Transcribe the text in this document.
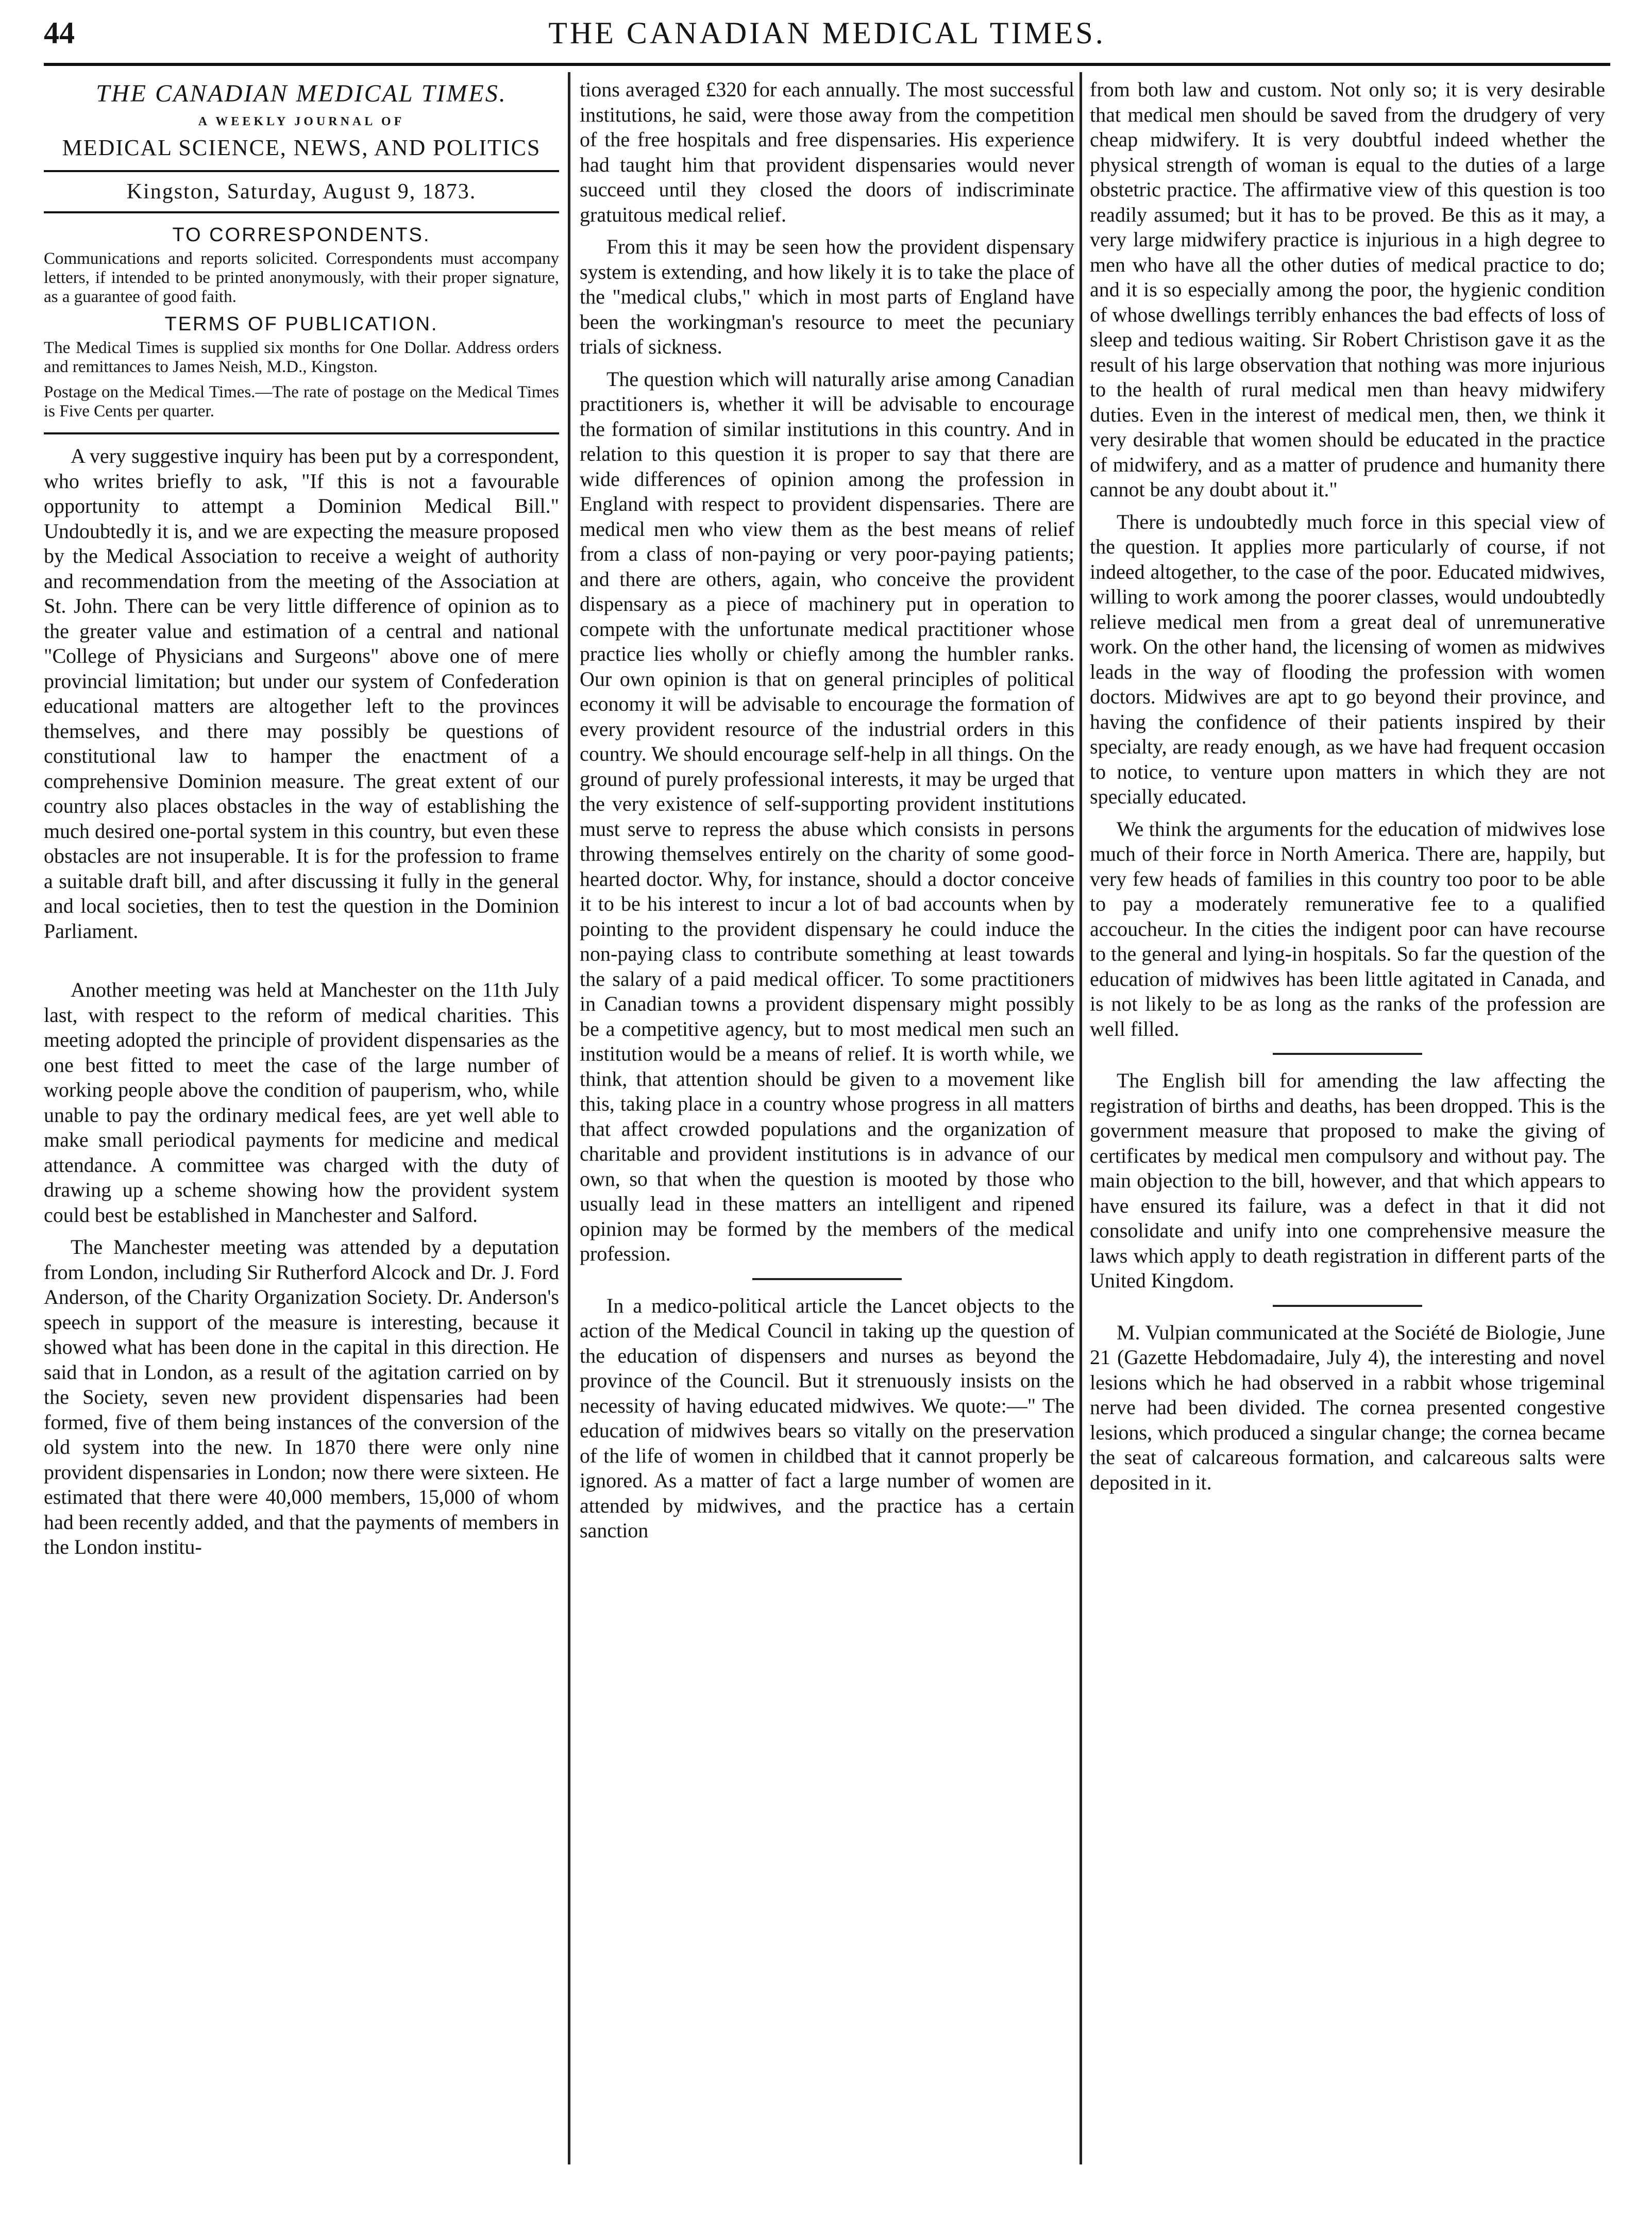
44	THE CANADIAN MEDICAL TIMES.
THE CANADIAN MEDICAL TIMES.
A WEEKLY JOURNAL OF
MEDICAL SCIENCE, NEWS, AND POLITICS
Kingston, Saturday, August 9, 1873.
TO CORRESPONDENTS.
Communications and reports solicited. Correspondents must accompany letters, if intended to be printed anonymously, with their proper signature, as a guarantee of good faith.
TERMS OF PUBLICATION.
The Medical Times is supplied six months for One Dollar. Address orders and remittances to James Neish, M.D., Kingston.
Postage on the Medical Times.—The rate of postage on the Medical Times is Five Cents per quarter.

A very suggestive inquiry has been put by a correspondent, who writes briefly to ask, "If this is not a favourable opportunity to attempt a Dominion Medical Bill." Undoubtedly it is, and we are expecting the measure proposed by the Medical Association to receive a weight of authority and recommendation from the meeting of the Association at St. John. There can be very little difference of opinion as to the greater value and estimation of a central and national "College of Physicians and Surgeons" above one of mere provincial limitation; but under our system of Confederation educational matters are altogether left to the provinces themselves, and there may possibly be questions of constitutional law to hamper the enactment of a comprehensive Dominion measure. The great extent of our country also places obstacles in the way of establishing the much desired one-portal system in this country, but even these obstacles are not insuperable. It is for the profession to frame a suitable draft bill, and after discussing it fully in the general and local societies, then to test the question in the Dominion Parliament.

Another meeting was held at Manchester on the 11th July last, with respect to the reform of medical charities. This meeting adopted the principle of provident dispensaries as the one best fitted to meet the case of the large number of working people above the condition of pauperism, who, while unable to pay the ordinary medical fees, are yet well able to make small periodical payments for medicine and medical attendance. A committee was charged with the duty of drawing up a scheme showing how the provident system could best be established in Manchester and Salford.

The Manchester meeting was attended by a deputation from London, including Sir Rutherford Alcock and Dr. J. Ford Anderson, of the Charity Organization Society. Dr. Anderson's speech in support of the measure is interesting, because it showed what has been done in the capital in this direction. He said that in London, as a result of the agitation carried on by the Society, seven new provident dispensaries had been formed, five of them being instances of the conversion of the old system into the new. In 1870 there were only nine provident dispensaries in London; now there were sixteen. He estimated that there were 40,000 members, 15,000 of whom had been recently added, and that the payments of members in the London institu-

tions averaged £320 for each annually. The most successful institutions, he said, were those away from the competition of the free hospitals and free dispensaries. His experience had taught him that provident dispensaries would never succeed until they closed the doors of indiscriminate gratuitous medical relief.

From this it may be seen how the provident dispensary system is extending, and how likely it is to take the place of the "medical clubs," which in most parts of England have been the workingman's resource to meet the pecuniary trials of sickness.

The question which will naturally arise among Canadian practitioners is, whether it will be advisable to encourage the formation of similar institutions in this country. And in relation to this question it is proper to say that there are wide differences of opinion among the profession in England with respect to provident dispensaries. There are medical men who view them as the best means of relief from a class of non-paying or very poor-paying patients; and there are others, again, who conceive the provident dispensary as a piece of machinery put in operation to compete with the unfortunate medical practitioner whose practice lies wholly or chiefly among the humbler ranks. Our own opinion is that on general principles of political economy it will be advisable to encourage the formation of every provident resource of the industrial orders in this country. We should encourage self-help in all things. On the ground of purely professional interests, it may be urged that the very existence of self-supporting provident institutions must serve to repress the abuse which consists in persons throwing themselves entirely on the charity of some good-hearted doctor. Why, for instance, should a doctor conceive it to be his interest to incur a lot of bad accounts when by pointing to the provident dispensary he could induce the non-paying class to contribute something at least towards the salary of a paid medical officer. To some practitioners in Canadian towns a provident dispensary might possibly be a competitive agency, but to most medical men such an institution would be a means of relief. It is worth while, we think, that attention should be given to a movement like this, taking place in a country whose progress in all matters that affect crowded populations and the organization of charitable and provident institutions is in advance of our own, so that when the question is mooted by those who usually lead in these matters an intelligent and ripened opinion may be formed by the members of the medical profession.

In a medico-political article the Lancet objects to the action of the Medical Council in taking up the question of the education of dispensers and nurses as beyond the province of the Council. But it strenuously insists on the necessity of having educated midwives. We quote:—" The education of midwives bears so vitally on the preservation of the life of women in childbed that it cannot properly be ignored. As a matter of fact a large number of women are attended by midwives, and the practice has a certain sanction

from both law and custom. Not only so; it is very desirable that medical men should be saved from the drudgery of very cheap midwifery. It is very doubtful indeed whether the physical strength of woman is equal to the duties of a large obstetric practice. The affirmative view of this question is too readily assumed; but it has to be proved. Be this as it may, a very large midwifery practice is injurious in a high degree to men who have all the other duties of medical practice to do; and it is so especially among the poor, the hygienic condition of whose dwellings terribly enhances the bad effects of loss of sleep and tedious waiting. Sir Robert Christison gave it as the result of his large observation that nothing was more injurious to the health of rural medical men than heavy midwifery duties. Even in the interest of medical men, then, we think it very desirable that women should be educated in the practice of midwifery, and as a matter of prudence and humanity there cannot be any doubt about it."

There is undoubtedly much force in this special view of the question. It applies more particularly of course, if not indeed altogether, to the case of the poor. Educated midwives, willing to work among the poorer classes, would undoubtedly relieve medical men from a great deal of unremunerative work. On the other hand, the licensing of women as midwives leads in the way of flooding the profession with women doctors. Midwives are apt to go beyond their province, and having the confidence of their patients inspired by their specialty, are ready enough, as we have had frequent occasion to notice, to venture upon matters in which they are not specially educated.

We think the arguments for the education of midwives lose much of their force in North America. There are, happily, but very few heads of families in this country too poor to be able to pay a moderately remunerative fee to a qualified accoucheur. In the cities the indigent poor can have recourse to the general and lying-in hospitals. So far the question of the education of midwives has been little agitated in Canada, and is not likely to be as long as the ranks of the profession are well filled.

The English bill for amending the law affecting the registration of births and deaths, has been dropped. This is the government measure that proposed to make the giving of certificates by medical men compulsory and without pay. The main objection to the bill, however, and that which appears to have ensured its failure, was a defect in that it did not consolidate and unify into one comprehensive measure the laws which apply to death registration in different parts of the United Kingdom.

M. Vulpian communicated at the Société de Biologie, June 21 (Gazette Hebdomadaire, July 4), the interesting and novel lesions which he had observed in a rabbit whose trigeminal nerve had been divided. The cornea presented congestive lesions, which produced a singular change; the cornea became the seat of calcareous formation, and calcareous salts were deposited in it.
